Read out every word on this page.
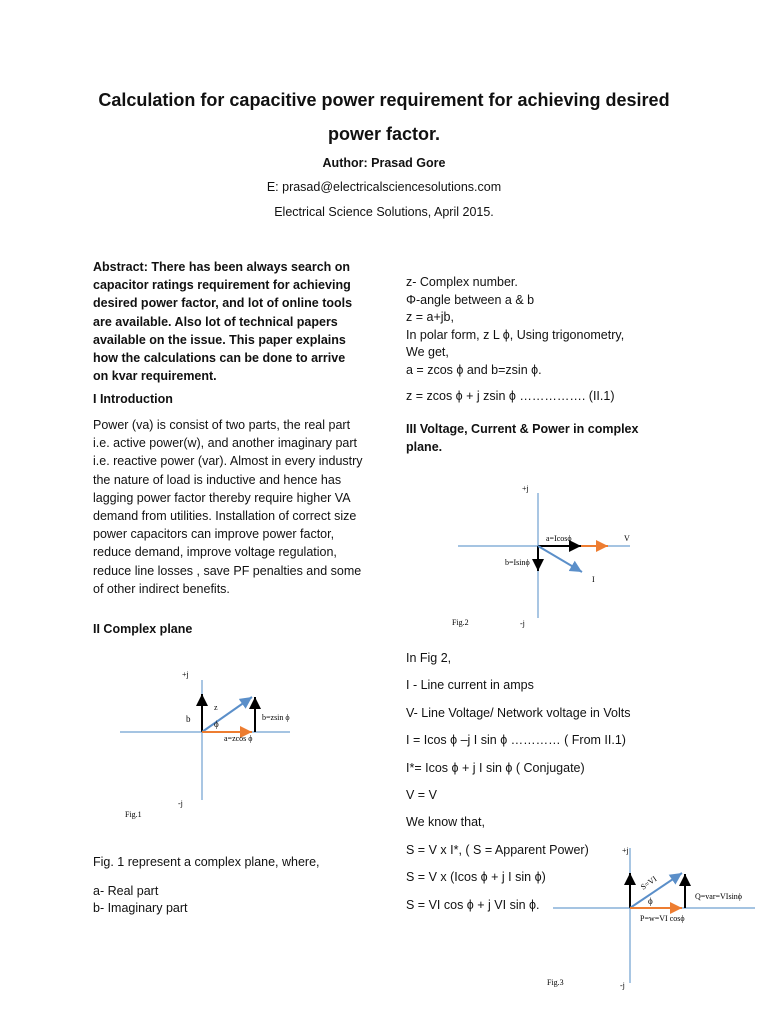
Calculation for capacitive power requirement for achieving desired
power factor.
Author: Prasad Gore
E: prasad@electricalsciencesolutions.com
Electrical Science Solutions, April 2015.
Abstract: There has been always search on capacitor ratings requirement for achieving desired power factor, and lot of online tools are available. Also lot of technical papers available on the issue. This paper explains how the calculations can be done to arrive on kvar requirement.
I Introduction
Power (va) is consist of two parts, the real part i.e. active power(w), and another imaginary part i.e. reactive power (var). Almost in every industry the nature of load is inductive and hence has lagging power factor thereby require higher VA demand from utilities. Installation of correct size power capacitors can improve power factor, reduce demand, improve voltage regulation, reduce line losses , save PF penalties and some of other indirect benefits.
II Complex plane
+j
b
z
ϕ
b=zsin ϕ
a=zcos ϕ
-j
Fig.1
Fig. 1 represent a complex plane, where,
a- Real part
b- Imaginary part
z- Complex number.
Φ-angle between a & b
z = a+jb,
In polar form, z L ϕ, Using trigonometry,
We get,
a = zcos ϕ and b=zsin ϕ.
z = zcos ϕ + j zsin ϕ ……………. (II.1)
III Voltage, Current & Power in complex plane.
+j
a=Icosϕ	V
b=Isinϕ
I
Fig.2	-j
In Fig 2,
I - Line current in amps
V- Line Voltage/ Network voltage in Volts
I = Icos ϕ –j I sin ϕ ………… ( From II.1)
I*= Icos ϕ + j I sin ϕ ( Conjugate)
V = V
We know that,
S = V x I*, ( S = Apparent Power)
S = V x (Icos ϕ + j I sin ϕ)
S = VI cos ϕ + j VI sin ϕ.
+j
S=VI
ϕ	Q=var=VIsinϕ
P=w=VI cosϕ
Fig.3	-j
